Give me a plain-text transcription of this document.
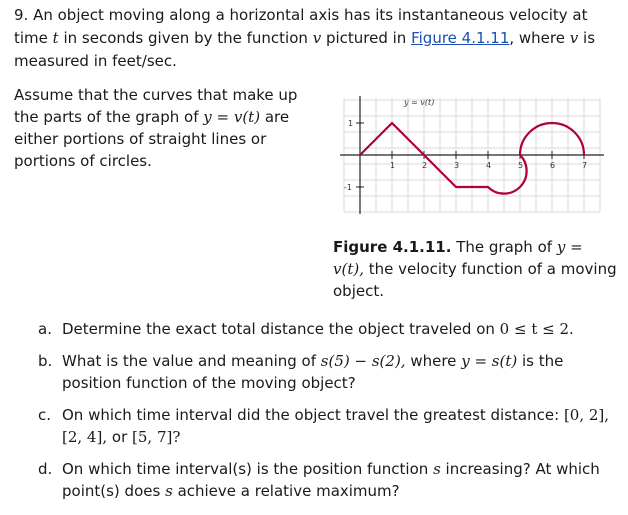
9. An object moving along a horizontal axis has its instantaneous velocity at time t in seconds given by the function v pictured in Figure 4.1.11, where v is measured in feet/sec.
Assume that the curves that make up the parts of the graph of y = v(t) are either portions of straight lines or portions of circles.
y = v(t)
1	2	3	4	5	6	7
1
-1
Figure 4.1.11. The graph of y = v(t), the velocity function of a moving object.
a. Determine the exact total distance the object traveled on 0 ≤ t ≤ 2.
b. What is the value and meaning of s(5) − s(2), where y = s(t) is the position function of the moving object?
c. On which time interval did the object travel the greatest distance: [0, 2], [2, 4], or [5, 7]?
d. On which time interval(s) is the position function s increasing? At which point(s) does s achieve a relative maximum?
